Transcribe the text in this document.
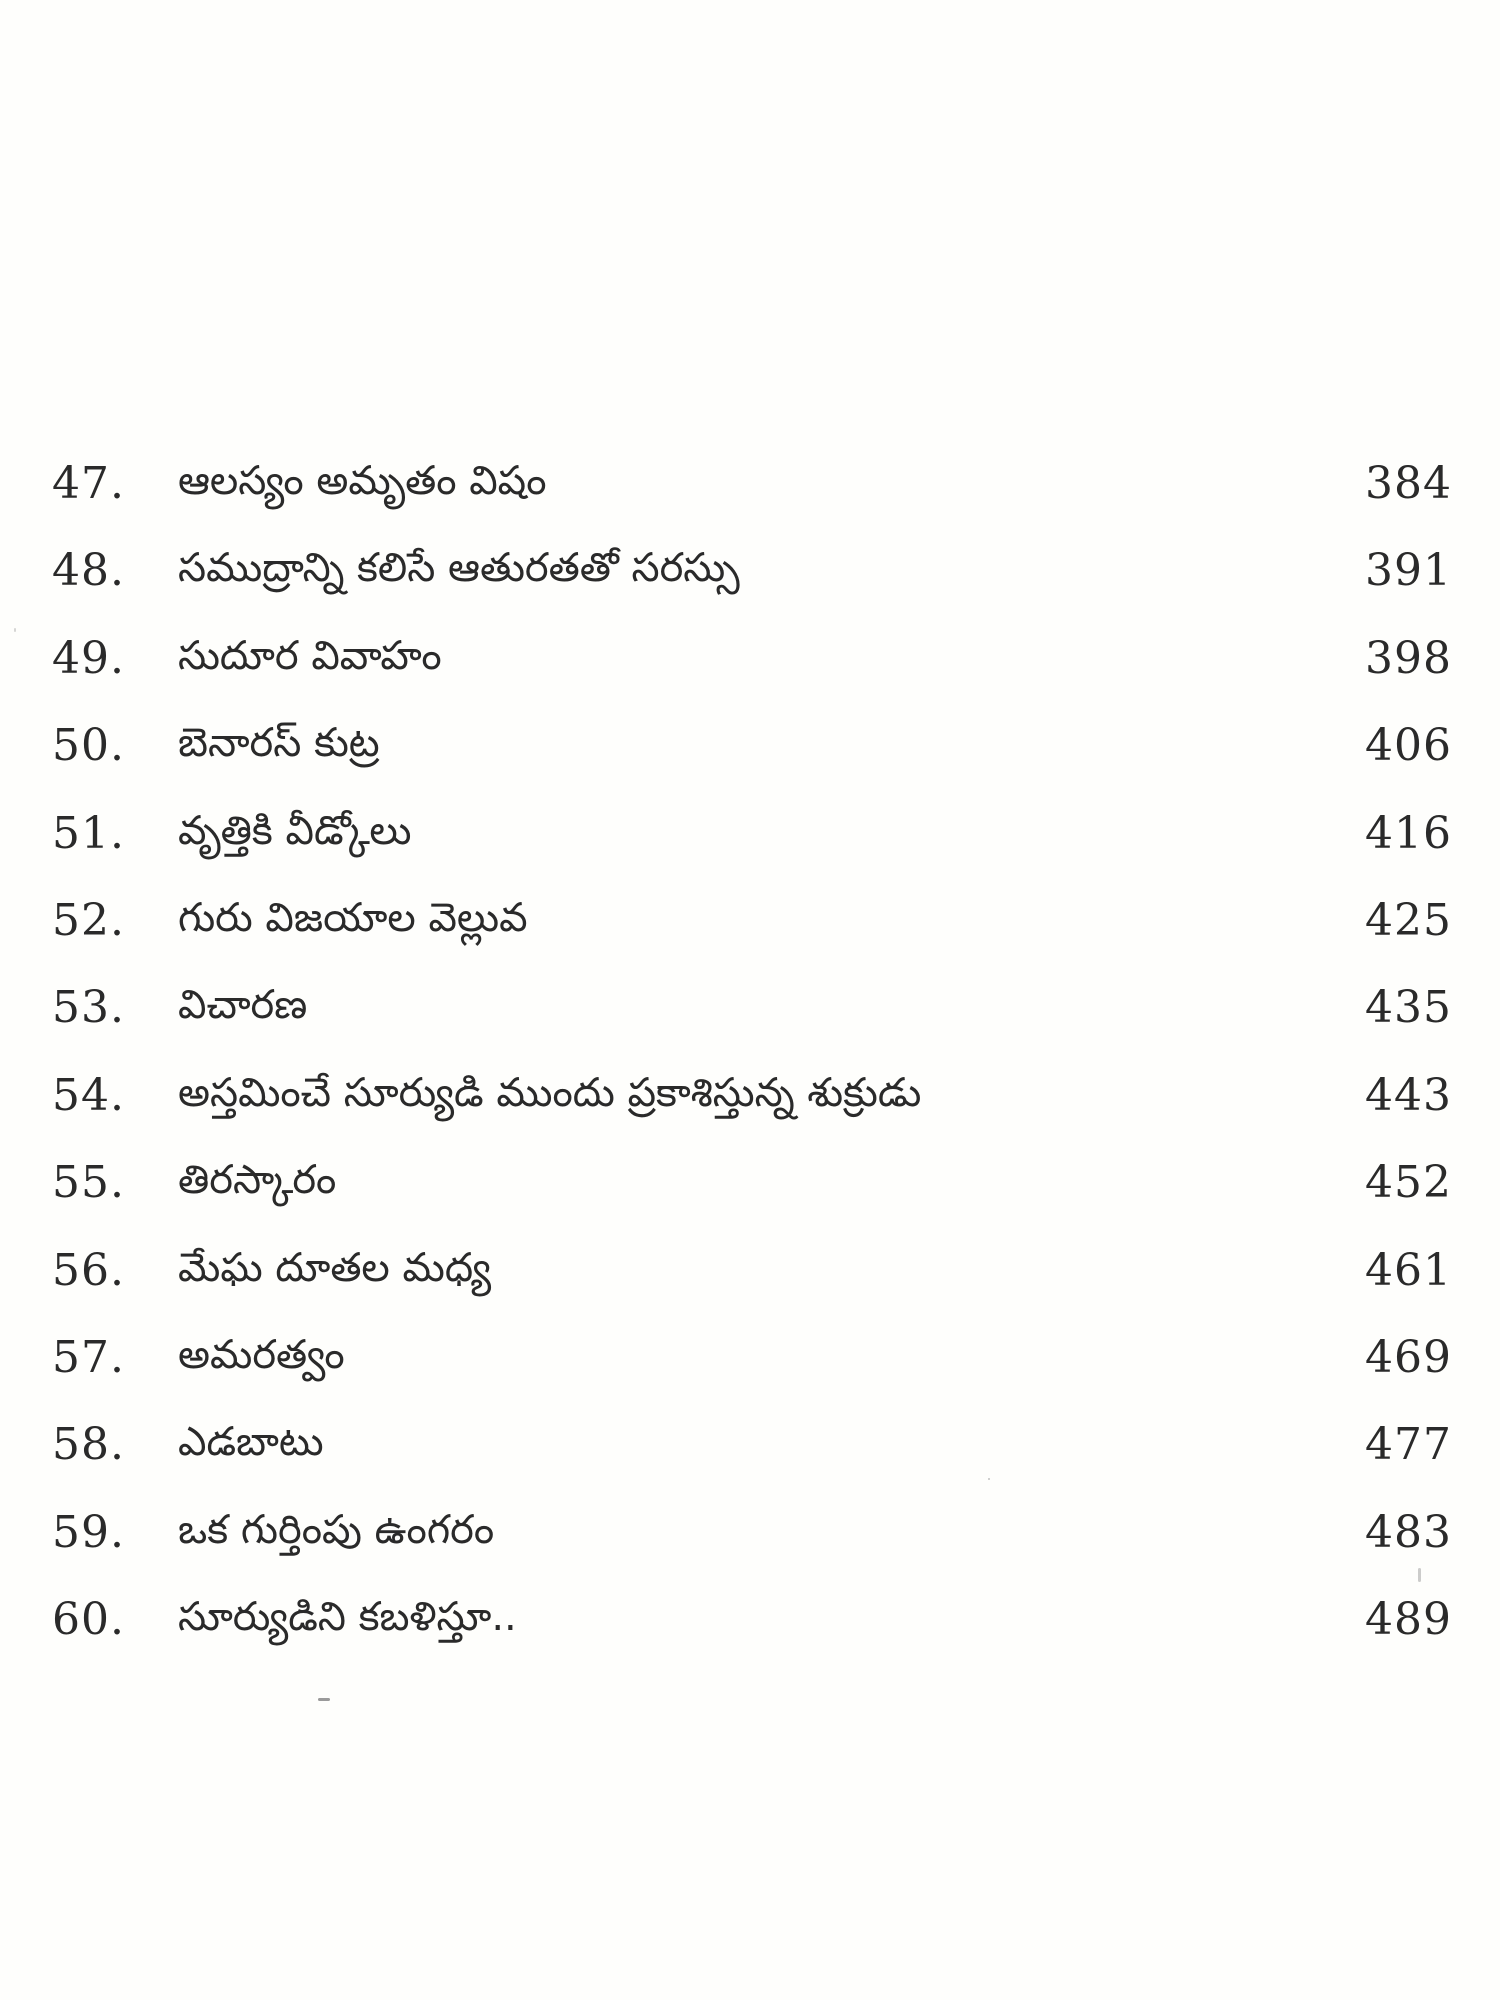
47. ఆలస్యం అమృతం విషం	384
48. సముద్రాన్ని కలిసే ఆతురతతో సరస్సు	391
49. సుదూర వివాహం	398
50. బెనారస్ కుట్ర	406
51. వృత్తికి వీడ్కోలు	416
52. గురు విజయాల వెల్లువ	425
53. విచారణ	435
54. అస్తమించే సూర్యుడి ముందు ప్రకాశిస్తున్న శుక్రుడు	443
55. తిరస్కారం	452
56. మేఘ దూతల మధ్య	461
57. అమరత్వం	469
58. ఎడబాటు	477
59. ఒక గుర్తింపు ఉంగరం	483
60. సూర్యుడిని కబళిస్తూ..	489
